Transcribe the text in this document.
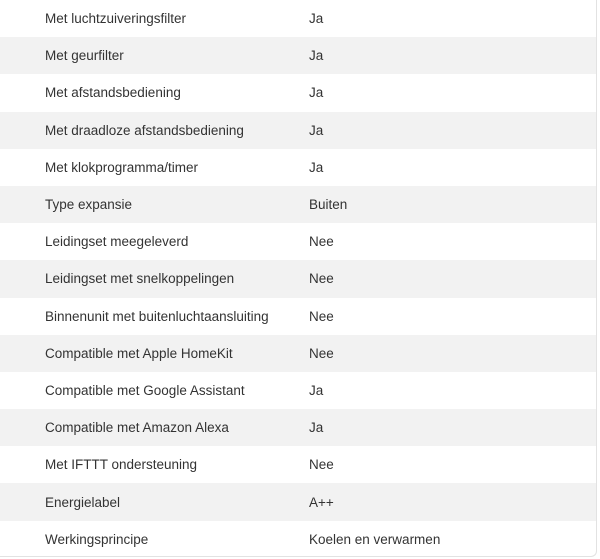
Met luchtzuiveringsfilter	Ja
Met geurfilter	Ja
Met afstandsbediening	Ja
Met draadloze afstandsbediening	Ja
Met klokprogramma/timer	Ja
Type expansie	Buiten
Leidingset meegeleverd	Nee
Leidingset met snelkoppelingen	Nee
Binnenunit met buitenluchtaansluiting	Nee
Compatible met Apple HomeKit	Nee
Compatible met Google Assistant	Ja
Compatible met Amazon Alexa	Ja
Met IFTTT ondersteuning	Nee
Energielabel	A++
Werkingsprincipe	Koelen en verwarmen
